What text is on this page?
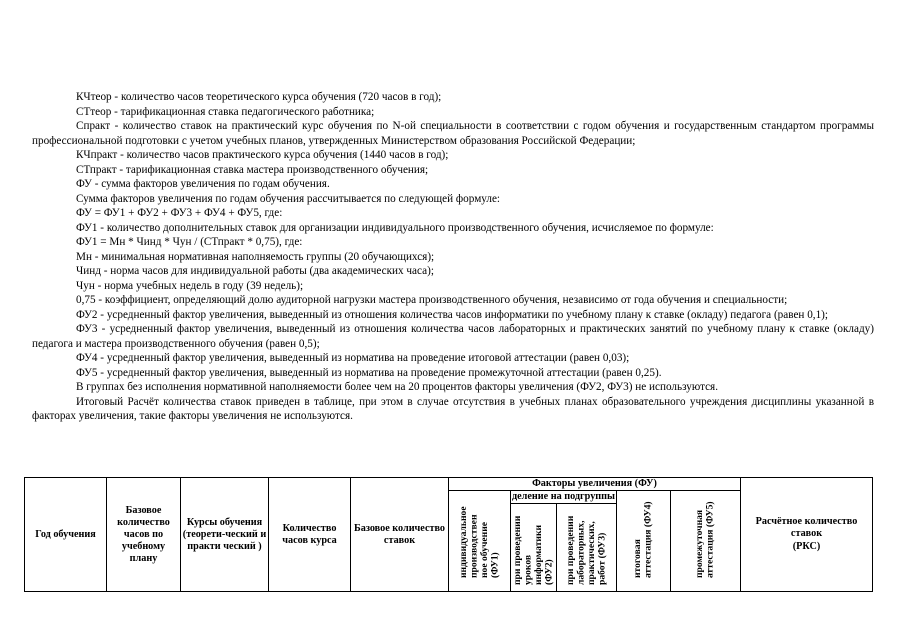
КЧтеор - количество часов теоретического курса обучения (720 часов в год);

СТтеор - тарификационная ставка педагогического работника;

Спракт - количество ставок на практический курс обучения по N-ой специальности в соответствии с годом обучения и государственным стандартом программы профессиональной подготовки с учетом учебных планов, утвержденных Министерством образования Российской Федерации;

КЧпракт - количество часов практического курса обучения (1440 часов в год);

СТпракт - тарификационная ставка мастера производственного обучения;

ФУ - сумма факторов увеличения по годам обучения.

Сумма факторов увеличения по годам обучения рассчитывается по следующей формуле:

ФУ = ФУ1 + ФУ2 + ФУ3 + ФУ4 + ФУ5, где:

ФУ1 - количество дополнительных ставок для организации индивидуального производственного обучения, исчисляемое по формуле:

ФУ1 = Мн * Чинд * Чун / (СТпракт * 0,75), где:

Мн - минимальная нормативная наполняемость группы (20 обучающихся);

Чинд - норма часов для индивидуальной работы (два академических часа);

Чун - норма учебных недель в году (39 недель);

0,75 - коэффициент, определяющий долю аудиторной нагрузки мастера производственного обучения, независимо от года обучения и специальности;

ФУ2 - усредненный фактор увеличения, выведенный из отношения количества часов информатики по учебному плану к ставке (окладу) педагога (равен 0,1);

ФУ3 - усредненный фактор увеличения, выведенный из отношения количества часов лабораторных и практических занятий по учебному плану к ставке (окладу) педагога и мастера производственного обучения (равен 0,5);

ФУ4 - усредненный фактор увеличения, выведенный из норматива на проведение итоговой аттестации (равен 0,03);

ФУ5 - усредненный фактор увеличения, выведенный из норматива на проведение промежуточной аттестации (равен 0,25).

В группах без исполнения нормативной наполняемости более чем на 20 процентов факторы увеличения (ФУ2, ФУ3) не используются.

Итоговый Расчёт количества ставок приведен в таблице, при этом в случае отсутствия в учебных планах образовательного учреждения дисциплины указанной в факторах увеличения, такие факторы увеличения не используются.

Год обучения	Базовое количество часов по учебному плану	Курсы обучения (теорети-ческий и практи ческий )	Количество часов курса	Базовое количество ставок	Факторы увеличения (ФУ)					Расчётное количество ставок
(РКС)

					индивидуальное производствен ное обучение (ФУ1)	деление на подгруппы		итоговая аттестация (ФУ4)	промежуточная аттестация (ФУ5)	
						при проведении уроков информатики (ФУ2)	при проведении лабораторных, практических, работ (ФУ3)			
